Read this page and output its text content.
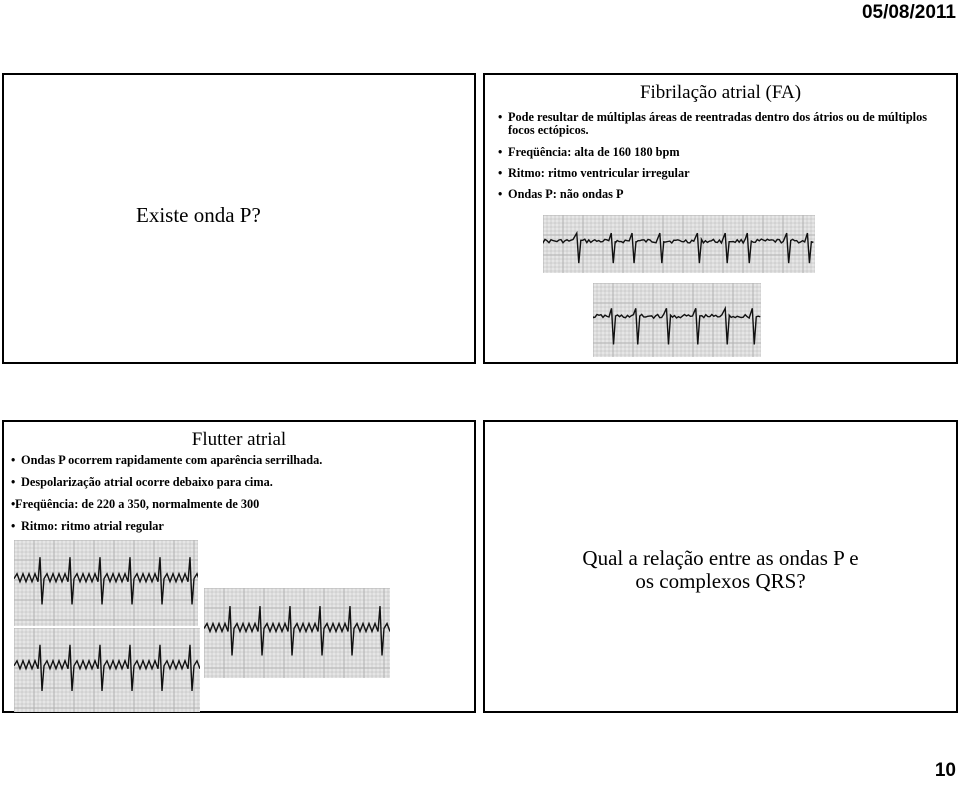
05/08/2011
Existe onda P?
Fibrilação atrial (FA)
• Pode resultar de múltiplas áreas de reentradas dentro dos átrios ou de múltiplos focos ectópicos.
• Freqüência: alta de 160 180 bpm
• Ritmo: ritmo ventricular irregular
• Ondas P: não ondas P
Flutter atrial
• Ondas P ocorrem rapidamente com aparência serrilhada.
• Despolarização atrial ocorre debaixo para cima.
• Freqüência: de 220 a 350, normalmente de 300
• Ritmo: ritmo atrial regular
Qual a relação entre as ondas P e
os complexos QRS?
10
